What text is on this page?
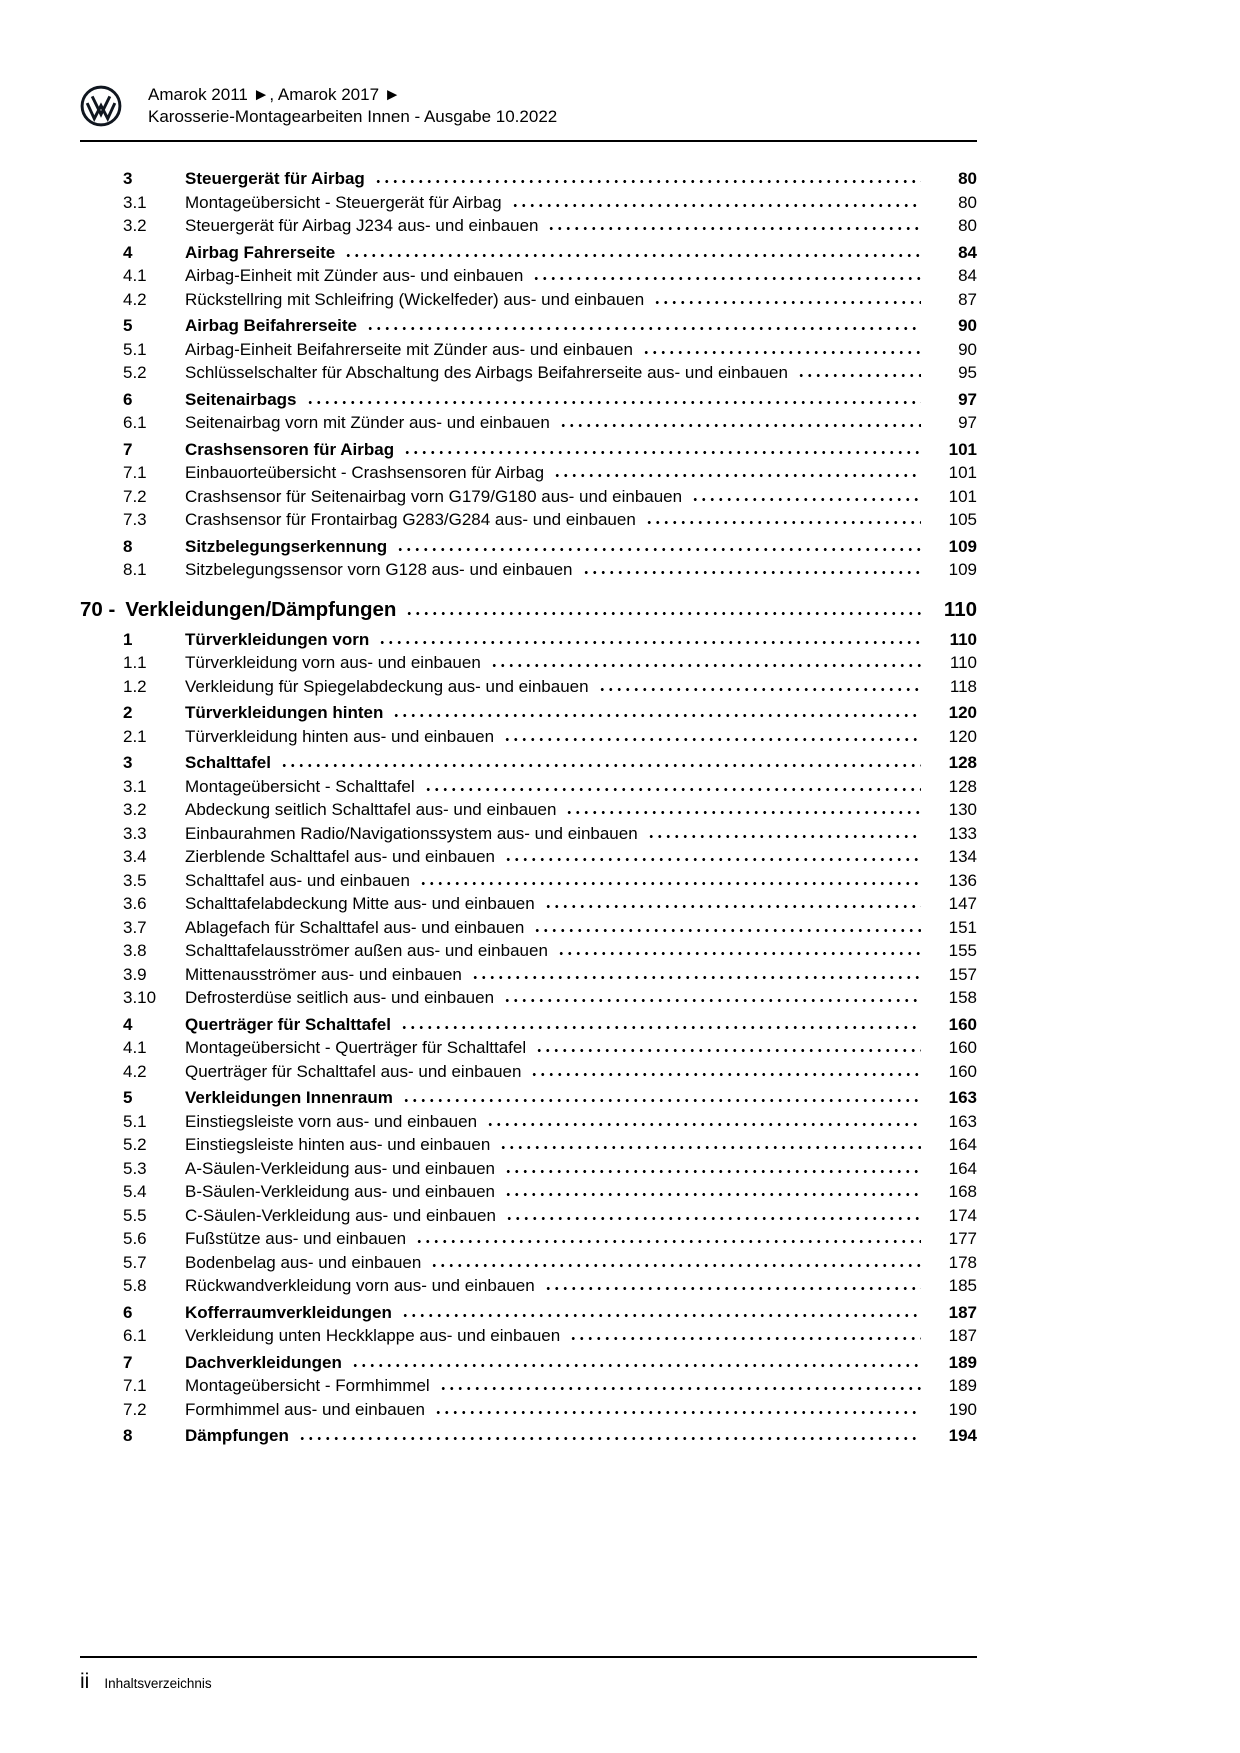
Amarok 2011 ►, Amarok 2017 ►
Karosserie-Montagearbeiten Innen - Ausgabe 10.2022
3	Steuergerät für Airbag	80
3.1	Montageübersicht - Steuergerät für Airbag	80
3.2	Steuergerät für Airbag J234 aus- und einbauen	80
4	Airbag Fahrerseite	84
4.1	Airbag-Einheit mit Zünder aus- und einbauen	84
4.2	Rückstellring mit Schleifring (Wickelfeder) aus- und einbauen	87
5	Airbag Beifahrerseite	90
5.1	Airbag-Einheit Beifahrerseite mit Zünder aus- und einbauen	90
5.2	Schlüsselschalter für Abschaltung des Airbags Beifahrerseite aus- und einbauen	95
6	Seitenairbags	97
6.1	Seitenairbag vorn mit Zünder aus- und einbauen	97
7	Crashsensoren für Airbag	101
7.1	Einbauorteübersicht - Crashsensoren für Airbag	101
7.2	Crashsensor für Seitenairbag vorn G179/G180 aus- und einbauen	101
7.3	Crashsensor für Frontairbag G283/G284 aus- und einbauen	105
8	Sitzbelegungserkennung	109
8.1	Sitzbelegungssensor vorn G128 aus- und einbauen	109
70 - Verkleidungen/Dämpfungen	110
1	Türverkleidungen vorn	110
1.1	Türverkleidung vorn aus- und einbauen	110
1.2	Verkleidung für Spiegelabdeckung aus- und einbauen	118
2	Türverkleidungen hinten	120
2.1	Türverkleidung hinten aus- und einbauen	120
3	Schalttafel	128
3.1	Montageübersicht - Schalttafel	128
3.2	Abdeckung seitlich Schalttafel aus- und einbauen	130
3.3	Einbaurahmen Radio/Navigationssystem aus- und einbauen	133
3.4	Zierblende Schalttafel aus- und einbauen	134
3.5	Schalttafel aus- und einbauen	136
3.6	Schalttafelabdeckung Mitte aus- und einbauen	147
3.7	Ablagefach für Schalttafel aus- und einbauen	151
3.8	Schalttafelausströmer außen aus- und einbauen	155
3.9	Mittenausströmer aus- und einbauen	157
3.10	Defrosterdüse seitlich aus- und einbauen	158
4	Querträger für Schalttafel	160
4.1	Montageübersicht - Querträger für Schalttafel	160
4.2	Querträger für Schalttafel aus- und einbauen	160
5	Verkleidungen Innenraum	163
5.1	Einstiegsleiste vorn aus- und einbauen	163
5.2	Einstiegsleiste hinten aus- und einbauen	164
5.3	A-Säulen-Verkleidung aus- und einbauen	164
5.4	B-Säulen-Verkleidung aus- und einbauen	168
5.5	C-Säulen-Verkleidung aus- und einbauen	174
5.6	Fußstütze aus- und einbauen	177
5.7	Bodenbelag aus- und einbauen	178
5.8	Rückwandverkleidung vorn aus- und einbauen	185
6	Kofferraumverkleidungen	187
6.1	Verkleidung unten Heckklappe aus- und einbauen	187
7	Dachverkleidungen	189
7.1	Montageübersicht - Formhimmel	189
7.2	Formhimmel aus- und einbauen	190
8	Dämpfungen	194
ii Inhaltsverzeichnis
